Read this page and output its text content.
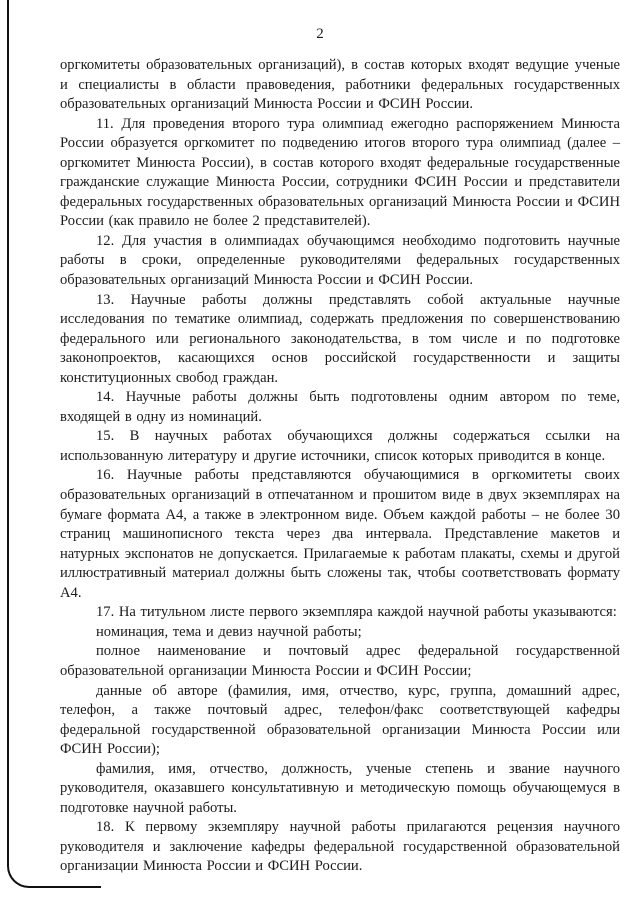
2

оргкомитеты образовательных организаций), в состав которых входят ведущие ученые и специалисты в области правоведения, работники федеральных государственных образовательных организаций Минюста России и ФСИН России.

11. Для проведения второго тура олимпиад ежегодно распоряжением Минюста России образуется оргкомитет по подведению итогов второго тура олимпиад (далее – оргкомитет Минюста России), в состав которого входят федеральные государственные гражданские служащие Минюста России, сотрудники ФСИН России и представители федеральных государственных образовательных организаций Минюста России и ФСИН России (как правило не более 2 представителей).

12. Для участия в олимпиадах обучающимся необходимо подготовить научные работы в сроки, определенные руководителями федеральных государственных образовательных организаций Минюста России и ФСИН России.

13. Научные работы должны представлять собой актуальные научные исследования по тематике олимпиад, содержать предложения по совершенствованию федерального или регионального законодательства, в том числе и по подготовке законопроектов, касающихся основ российской государственности и защиты конституционных свобод граждан.

14. Научные работы должны быть подготовлены одним автором по теме, входящей в одну из номинаций.

15. В научных работах обучающихся должны содержаться ссылки на использованную литературу и другие источники, список которых приводится в конце.

16. Научные работы представляются обучающимися в оргкомитеты своих образовательных организаций в отпечатанном и прошитом виде в двух экземплярах на бумаге формата А4, а также в электронном виде. Объем каждой работы – не более 30 страниц машинописного текста через два интервала. Представление макетов и натурных экспонатов не допускается. Прилагаемые к работам плакаты, схемы и другой иллюстративный материал должны быть сложены так, чтобы соответствовать формату А4.

17. На титульном листе первого экземпляра каждой научной работы указываются:

номинация, тема и девиз научной работы;

полное наименование и почтовый адрес федеральной государственной образовательной организации Минюста России и ФСИН России;

данные об авторе (фамилия, имя, отчество, курс, группа, домашний адрес, телефон, а также почтовый адрес, телефон/факс соответствующей кафедры федеральной государственной образовательной организации Минюста России или ФСИН России);

фамилия, имя, отчество, должность, ученые степень и звание научного руководителя, оказавшего консультативную и методическую помощь обучающемуся в подготовке научной работы.

18. К первому экземпляру научной работы прилагаются рецензия научного руководителя и заключение кафедры федеральной государственной образовательной организации Минюста России и ФСИН России.
